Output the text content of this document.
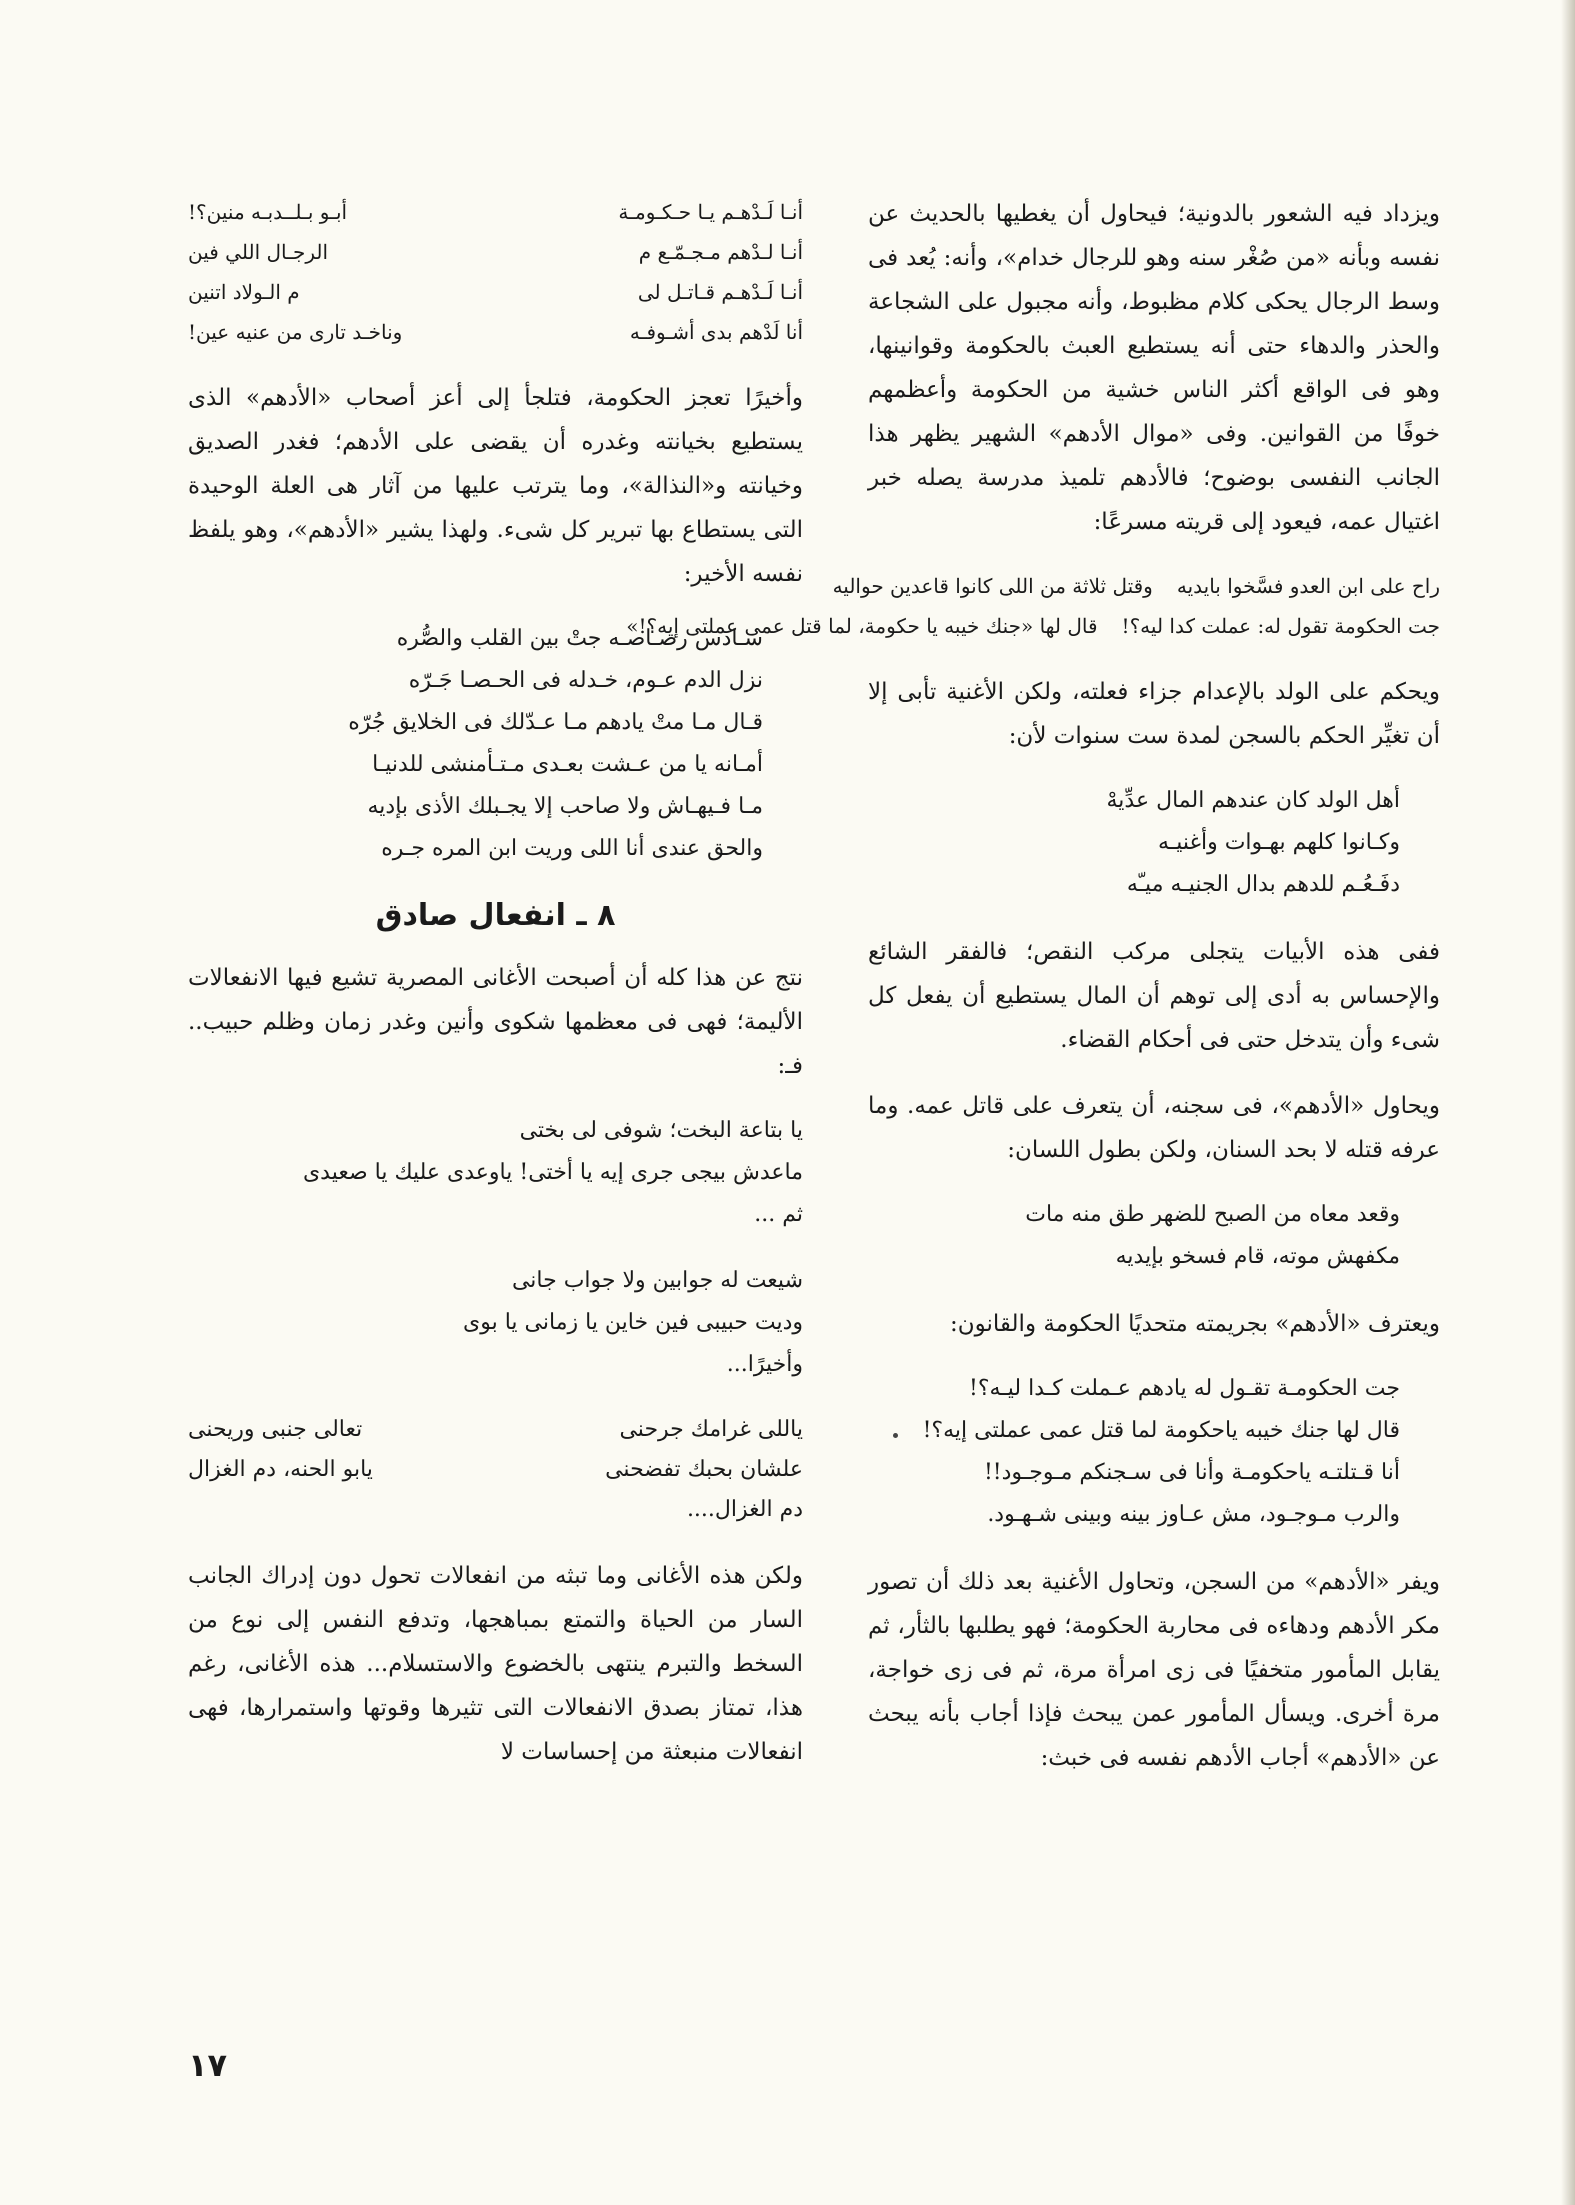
ويزداد فيه الشعور بالدونية؛ فيحاول أن يغطيها بالحديث عن نفسه وبأنه «من صُغْر سنه وهو للرجال خدام»، وأنه: يُعد فى وسط الرجال يحكى كلام مظبوط، وأنه مجبول على الشجاعة والحذر والدهاء حتى أنه يستطيع العبث بالحكومة وقوانينها، وهو فى الواقع أكثر الناس خشية من الحكومة وأعظمهم خوفًا من القوانين. وفى «موال الأدهم» الشهير يظهر هذا الجانب النفسى بوضوح؛ فالأدهم تلميذ مدرسة يصله خبر اغتيال عمه، فيعود إلى قريته مسرعًا:

راح على ابن العدو فسَّخوا بايديه
وقتل ثلاثة من اللى كانوا قاعدين حواليه
جت الحكومة تقول له: عملت كدا ليه؟!
قال لها «جنك خيبه يا حكومة، لما قتل عمى عملتى إيه؟!»

ويحكم على الولد بالإعدام جزاء فعلته، ولكن الأغنية تأبى إلا أن تغيِّر الحكم بالسجن لمدة ست سنوات لأن:

أهل الولد كان عندهم المال عدِّيهْ
وكـانوا كلهم بهـوات وأغنيـه
دفَـعُـم للدهم بدال الجنيـه ميـّه

ففى هذه الأبيات يتجلى مركب النقص؛ فالفقر الشائع والإحساس به أدى إلى توهم أن المال يستطيع أن يفعل كل شىء وأن يتدخل حتى فى أحكام القضاء.

ويحاول «الأدهم»، فى سجنه، أن يتعرف على قاتل عمه. وما عرفه قتله لا بحد السنان، ولكن بطول اللسان:

وقعد معاه من الصبح للضهر طق منه مات
مكفهش موته، قام فسخو بإيديه

ويعترف «الأدهم» بجريمته متحديًا الحكومة والقانون:

جت الحكومـة تقـول له يادهم عـملت كـدا ليـه؟!
قال لها جنك خيبه ياحكومة لما قتل عمى عملتى إيه؟!
أنا قـتلتـه ياحكومـة وأنا فى سـجنكم مـوجـود!!
والرب مـوجـود، مش عـاوز بينه وبينى شـهـود.

ويفر «الأدهم» من السجن، وتحاول الأغنية بعد ذلك أن تصور مكر الأدهم ودهاءه فى محاربة الحكومة؛ فهو يطلبها بالثأر، ثم يقابل المأمور متخفيًا فى زى امرأة مرة، ثم فى زى خواجة، مرة أخرى. ويسأل المأمور عمن يبحث فإذا أجاب بأنه يبحث عن «الأدهم» أجاب الأدهم نفسه فى خبث:

أنـا لَـدْهـم يـا حـكـومـة
أبـو بـلــدبـه منين؟!
أنـا لـدْهم مـجـمّـع م
الرجـال اللي فين
أنـا لَـدْهـم قـاتـل لى
م الـولاد اتنين
أنا لَدْهم بدى أشـوفـه
وناخـد تارى من عنيه عين!

وأخيرًا تعجز الحكومة، فتلجأ إلى أعز أصحاب «الأدهم» الذى يستطيع بخيانته وغدره أن يقضى على الأدهم؛ فغدر الصديق وخيانته و«النذالة»، وما يترتب عليها من آثار هى العلة الوحيدة التى يستطاع بها تبرير كل شىء. ولهذا يشير «الأدهم»، وهو يلفظ نفسه الأخير:

سـادس رصـاصـه جتْ بين القلب والصُّره
نزل الدم عـوم، خـدله فى الحـصـا جَـرّه
قـال مـا متْ يادهم مـا عـدّلك فى الخلايق جُرّه
أمـانه يا من عـشت بعـدى مـتـأمنشى للدنيـا
مـا فـيهـاش ولا صاحب إلا يجـبلك الأذى بإديه
والحق عندى أنا اللى وريت ابن المره جـره
٨ ـ انفعال صادق

نتج عن هذا كله أن أصبحت الأغانى المصرية تشيع فيها الانفعالات الأليمة؛ فهى فى معظمها شكوى وأنين وغدر زمان وظلم حبيب.. فـ:

يا بتاعة البخت؛ شوفى لى بختى
ماعدش بيجى جرى إيه يا أختى! ياوعدى عليك يا صعيدى
ثم ...
شيعت له جوابين ولا جواب جانى
وديت حبيبى فين خاين يا زمانى يا بوى
وأخيرًا...
ياللى غرامك جرحنى
تعالى جنبى وريحنى
علشان بحبك تفضحنى
يابو الحنه، دم الغزال
دم الغزال....

ولكن هذه الأغانى وما تبثه من انفعالات تحول دون إدراك الجانب السار من الحياة والتمتع بمباهجها، وتدفع النفس إلى نوع من السخط والتبرم ينتهى بالخضوع والاستسلام... هذه الأغانى، رغم هذا، تمتاز بصدق الانفعالات التى تثيرها وقوتها واستمرارها، فهى انفعالات منبعثة من إحساسات لا

١٧
